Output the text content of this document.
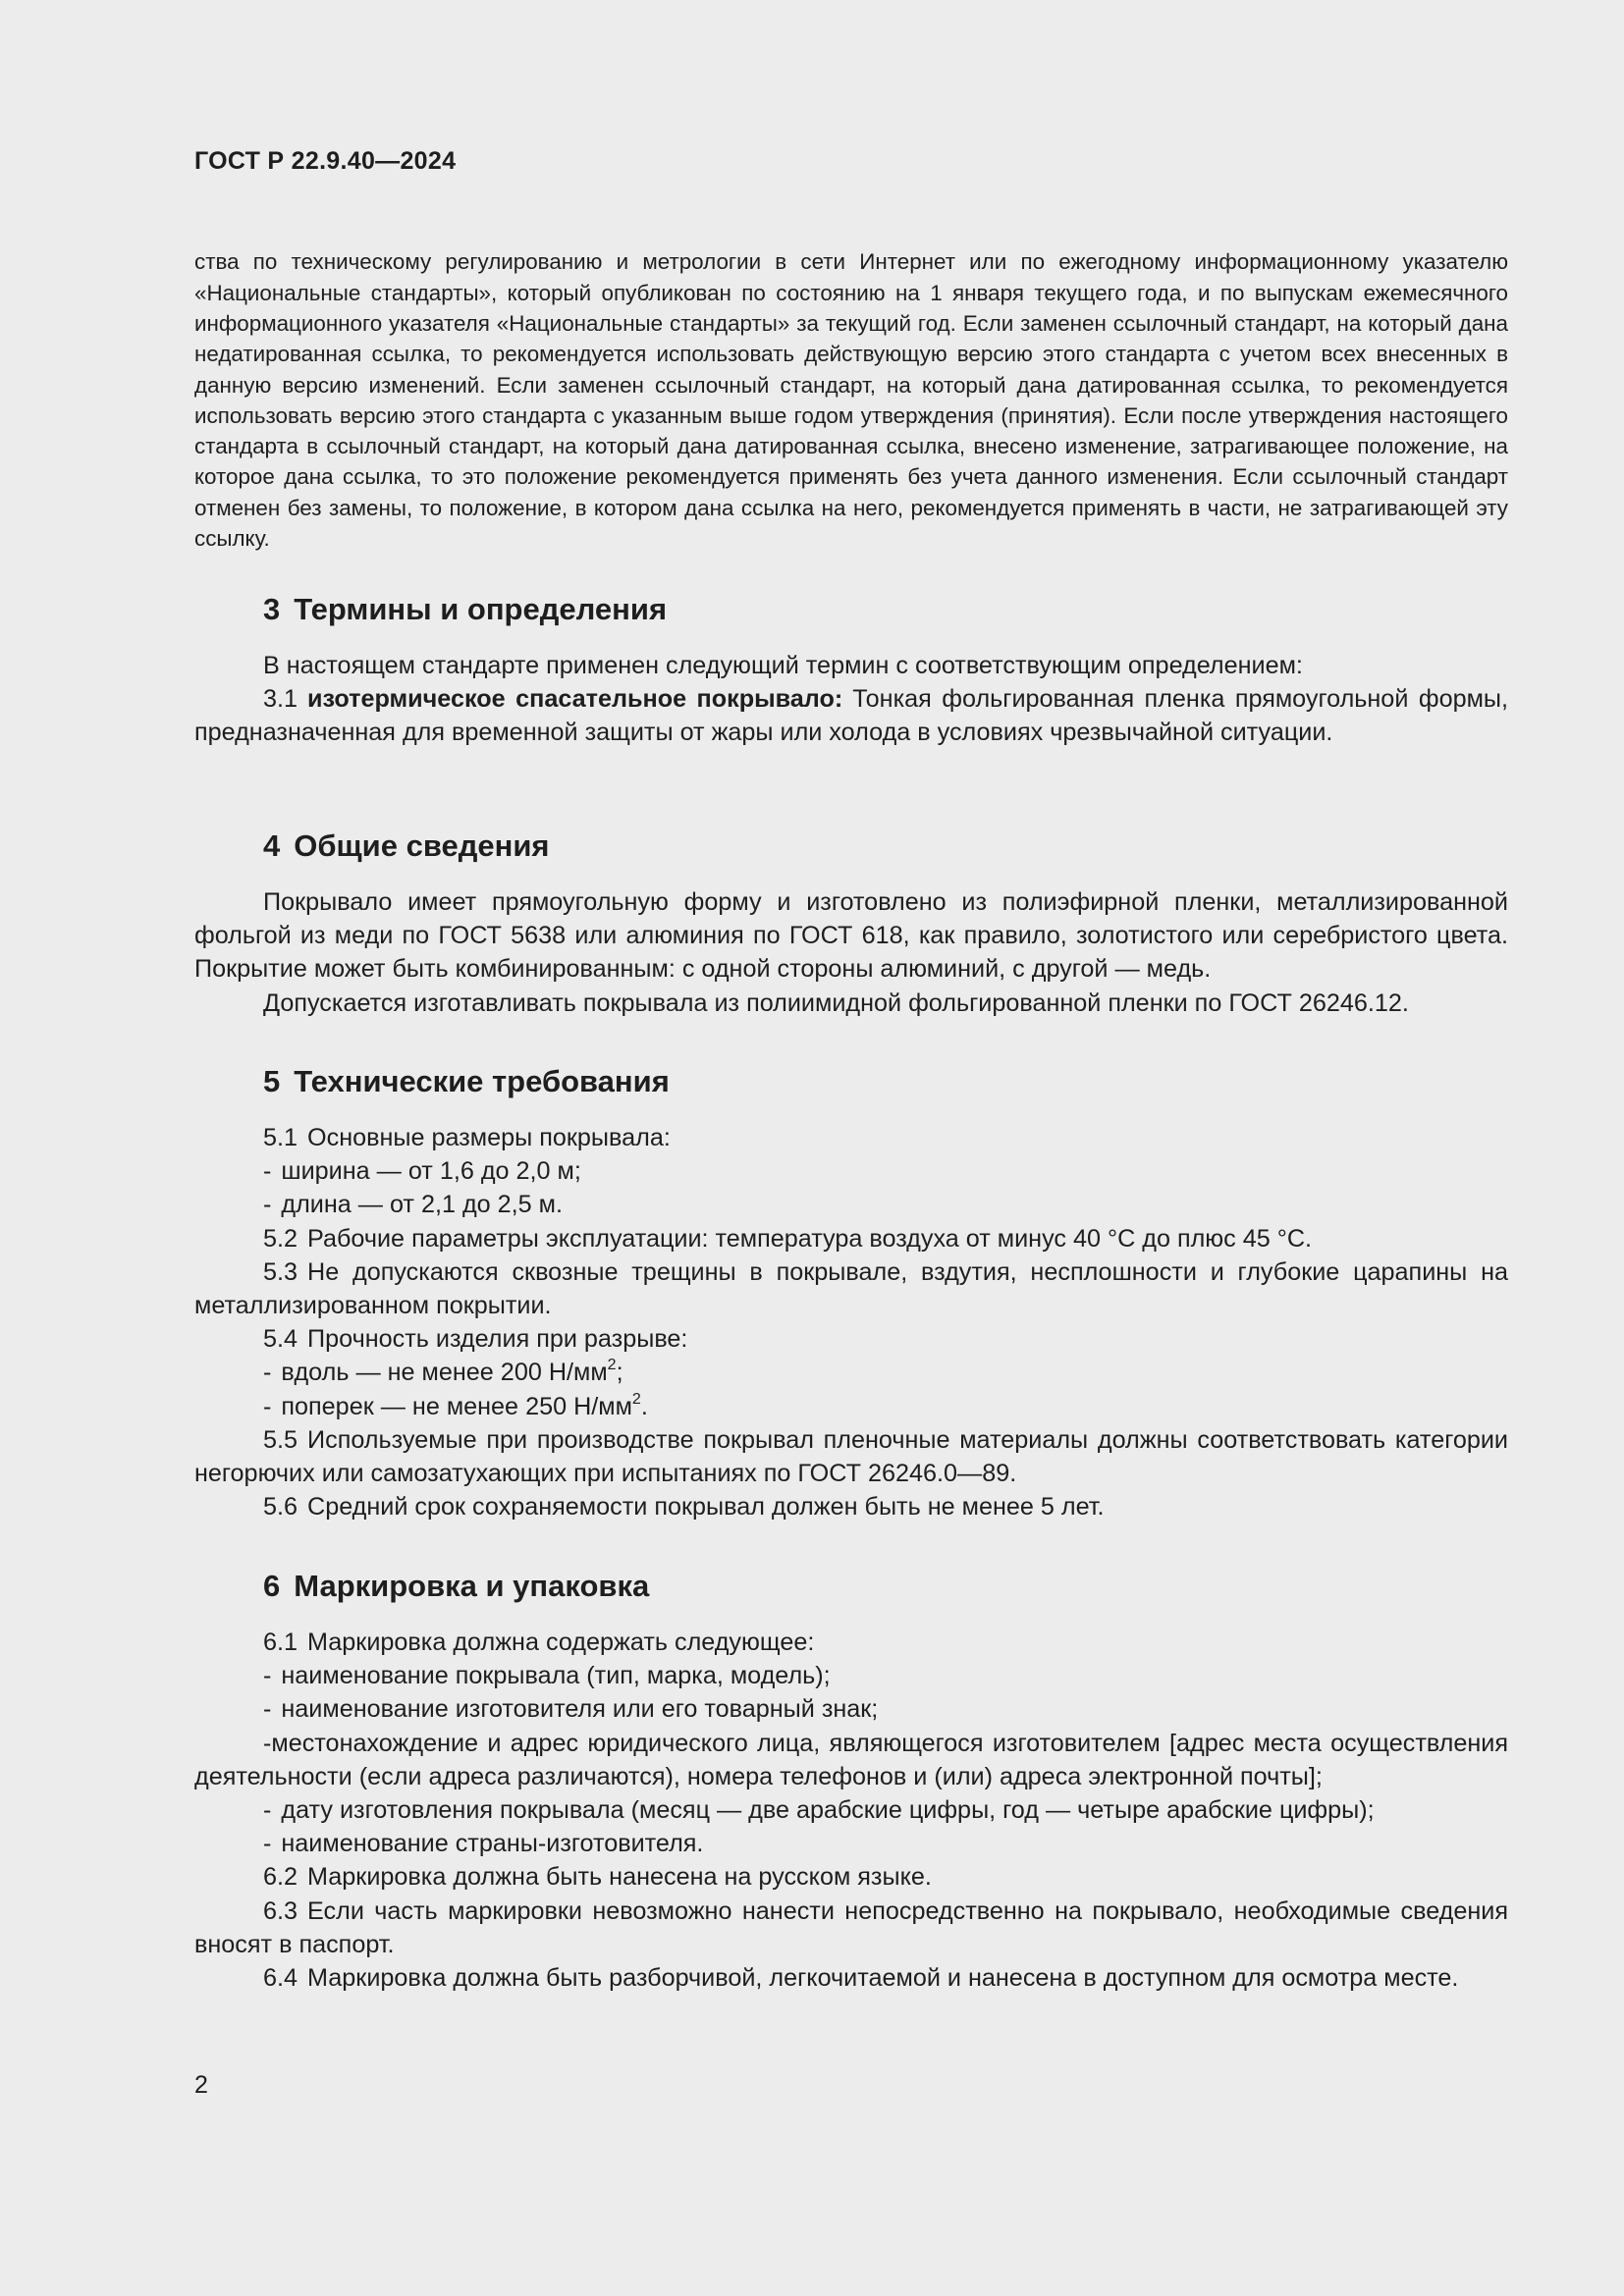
ГОСТ Р 22.9.40—2024

ства по техническому регулированию и метрологии в сети Интернет или по ежегодному информационному указателю «Национальные стандарты», который опубликован по состоянию на 1 января текущего года, и по выпускам ежемесячного информационного указателя «Национальные стандарты» за текущий год. Если заменен ссылочный стандарт, на который дана недатированная ссылка, то рекомендуется использовать действующую версию этого стандарта с учетом всех внесенных в данную версию изменений. Если заменен ссылочный стандарт, на который дана датированная ссылка, то рекомендуется использовать версию этого стандарта с указанным выше годом утверждения (принятия). Если после утверждения настоящего стандарта в ссылочный стандарт, на который дана датированная ссылка, внесено изменение, затрагивающее положение, на которое дана ссылка, то это положение рекомендуется применять без учета данного изменения. Если ссылочный стандарт отменен без замены, то положение, в котором дана ссылка на него, рекомендуется применять в части, не затрагивающей эту ссылку.

3 Термины и определения

В настоящем стандарте применен следующий термин с соответствующим определением:

3.1 изотермическое спасательное покрывало: Тонкая фольгированная пленка прямоугольной формы, предназначенная для временной защиты от жары или холода в условиях чрезвычайной ситуации.

4 Общие сведения

Покрывало имеет прямоугольную форму и изготовлено из полиэфирной пленки, металлизированной фольгой из меди по ГОСТ 5638 или алюминия по ГОСТ 618, как правило, золотистого или серебристого цвета. Покрытие может быть комбинированным: с одной стороны алюминий, с другой — медь.

Допускается изготавливать покрывала из полиимидной фольгированной пленки по ГОСТ 26246.12.

5 Технические требования

5.1 Основные размеры покрывала:

- ширина — от 1,6 до 2,0 м;

- длина — от 2,1 до 2,5 м.

5.2 Рабочие параметры эксплуатации: температура воздуха от минус 40 °С до плюс 45 °С.

5.3 Не допускаются сквозные трещины в покрывале, вздутия, несплошности и глубокие царапины на металлизированном покрытии.

5.4 Прочность изделия при разрыве:

- вдоль — не менее 200 $Н/мм^2$;

- поперек — не менее 250 $Н/мм^2$.

5.5 Используемые при производстве покрывал пленочные материалы должны соответствовать категории негорючих или самозатухающих при испытаниях по ГОСТ 26246.0—89.

5.6 Средний срок сохраняемости покрывал должен быть не менее 5 лет.

6 Маркировка и упаковка

6.1 Маркировка должна содержать следующее:

- наименование покрывала (тип, марка, модель);

- наименование изготовителя или его товарный знак;

-местонахождение и адрес юридического лица, являющегося изготовителем [адрес места осуществления деятельности (если адреса различаются), номера телефонов и (или) адреса электронной почты];

- дату изготовления покрывала (месяц — две арабские цифры, год — четыре арабские цифры);

- наименование страны-изготовителя.

6.2 Маркировка должна быть нанесена на русском языке.

6.3 Если часть маркировки невозможно нанести непосредственно на покрывало, необходимые сведения вносят в паспорт.

6.4 Маркировка должна быть разборчивой, легкочитаемой и нанесена в доступном для осмотра месте.

2
